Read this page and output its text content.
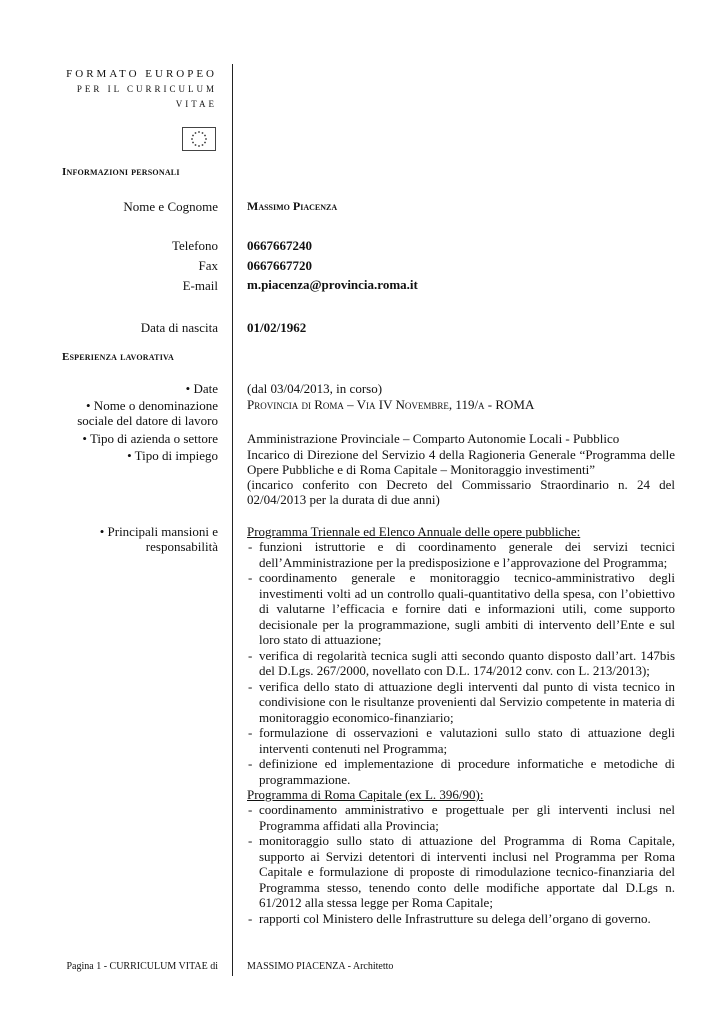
FORMATO EUROPEO
PER IL CURRICULUM
VITAE
Informazioni personali
Nome e Cognome Massimo Piacenza
Telefono 0667667240
Fax 0667667720
E-mail m.piacenza@provincia.roma.it
Data di nascita 01/02/1962
Esperienza lavorativa
• Date (dal 03/04/2013, in corso)
• Nome o denominazione sociale del datore di lavoro
Provincia di Roma – Via IV Novembre, 119/a - ROMA
• Tipo di azienda o settore Amministrazione Provinciale – Comparto Autonomie Locali - Pubblico
• Tipo di impiego Incarico di Direzione del Servizio 4 della Ragioneria Generale “Programma delle Opere Pubbliche e di Roma Capitale – Monitoraggio investimenti”
(incarico conferito con Decreto del Commissario Straordinario n. 24 del 02/04/2013 per la durata di due anni)
• Principali mansioni e responsabilità
Programma Triennale ed Elenco Annuale delle opere pubbliche:
- funzioni istruttorie e di coordinamento generale dei servizi tecnici dell’Amministrazione per la predisposizione e l’approvazione del Programma;
- coordinamento generale e monitoraggio tecnico-amministrativo degli investimenti volti ad un controllo quali-quantitativo della spesa, con l’obiettivo di valutarne l’efficacia e fornire dati e informazioni utili, come supporto decisionale per la programmazione, sugli ambiti di intervento dell’Ente e sul loro stato di attuazione;
- verifica di regolarità tecnica sugli atti secondo quanto disposto dall’art. 147bis del D.Lgs. 267/2000, novellato con D.L. 174/2012 conv. con L. 213/2013);
- verifica dello stato di attuazione degli interventi dal punto di vista tecnico in condivisione con le risultanze provenienti dal Servizio competente in materia di monitoraggio economico-finanziario;
- formulazione di osservazioni e valutazioni sullo stato di attuazione degli interventi contenuti nel Programma;
- definizione ed implementazione di procedure informatiche e metodiche di programmazione.
Programma di Roma Capitale (ex L. 396/90):
- coordinamento amministrativo e progettuale per gli interventi inclusi nel Programma affidati alla Provincia;
- monitoraggio sullo stato di attuazione del Programma di Roma Capitale, supporto ai Servizi detentori di interventi inclusi nel Programma per Roma Capitale e formulazione di proposte di rimodulazione tecnico-finanziaria del Programma stesso, tenendo conto delle modifiche apportate dal D.Lgs n. 61/2012 alla stessa legge per Roma Capitale;
- rapporti col Ministero delle Infrastrutture su delega dell’organo di governo.
Pagina 1 - CURRICULUM VITAE di	MASSIMO PIACENZA - Architetto
